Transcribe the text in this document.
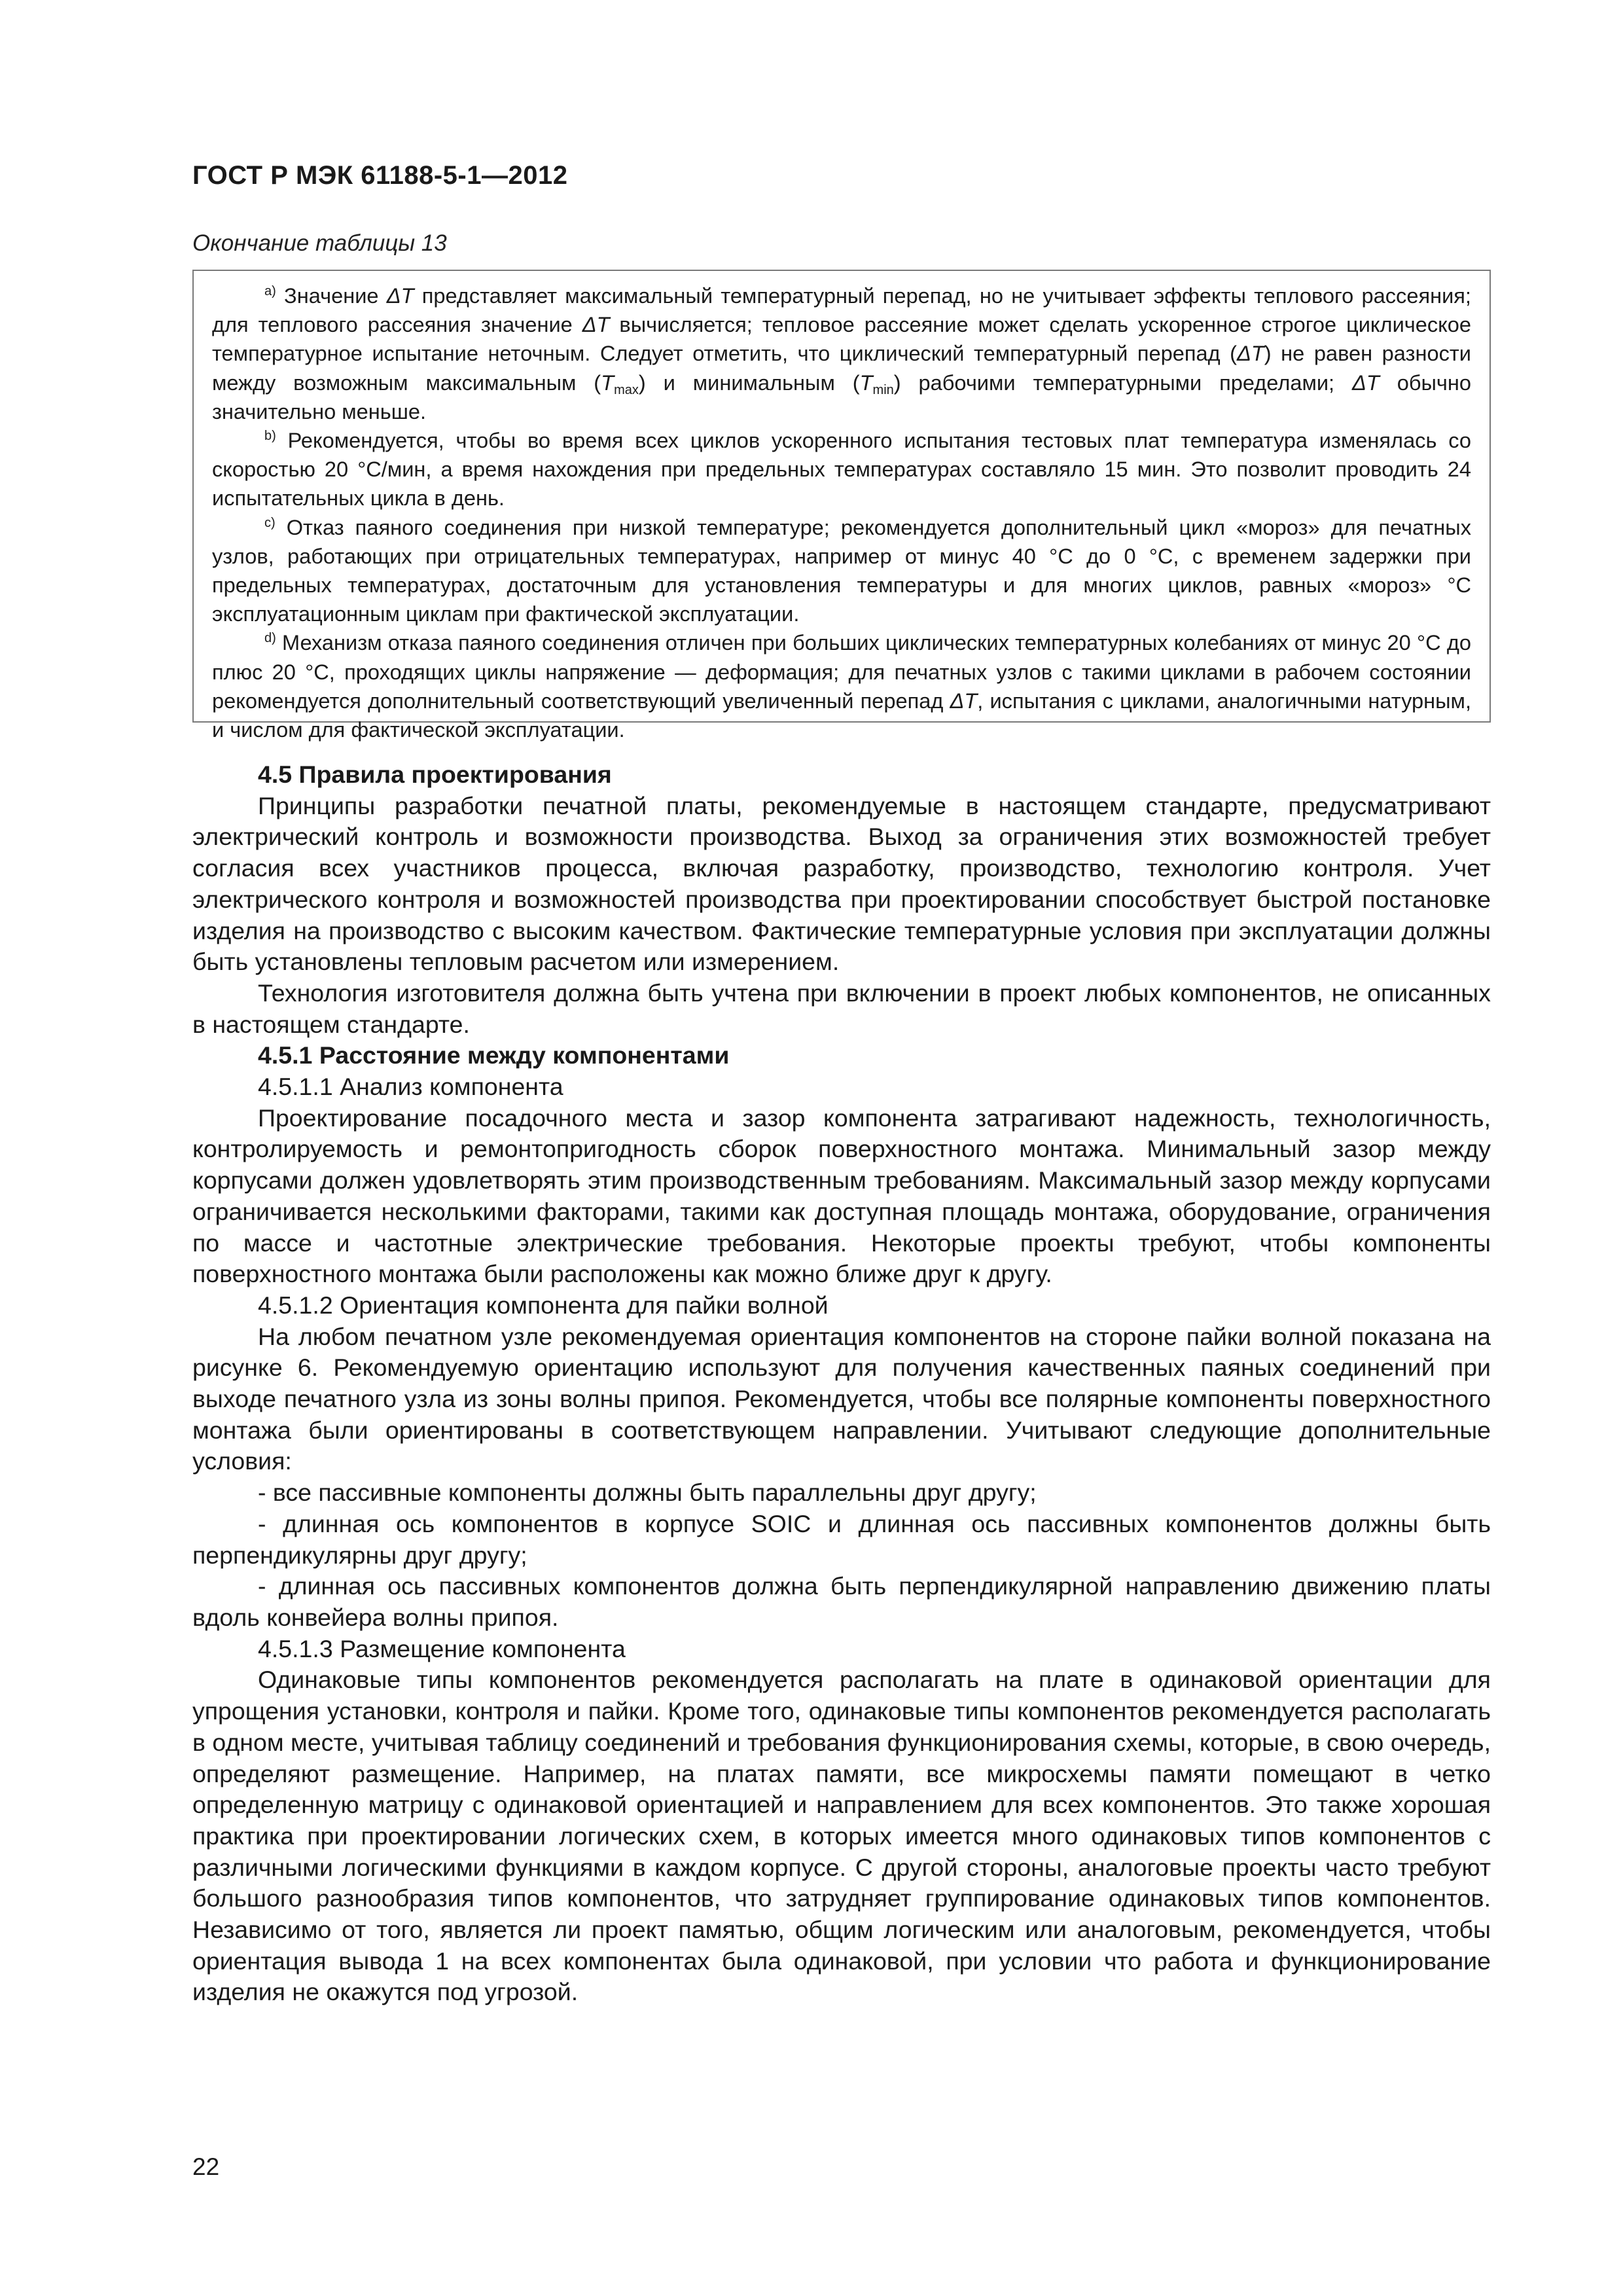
ГОСТ Р МЭК 61188-5-1—2012
Окончание таблицы 13

$^{a)}$ Значение ΔT представляет максимальный температурный перепад, но не учитывает эффекты теплового рассеяния; для теплового рассеяния значение ΔT вычисляется; тепловое рассеяние может сделать ускоренное строгое циклическое температурное испытание неточным. Следует отметить, что циклический температурный перепад (ΔT) не равен разности между возможным максимальным $(T_{max})$ и минимальным $(T_{min})$ рабочими температурными пределами; ΔT обычно значительно меньше.

$^{b)}$ Рекомендуется, чтобы во время всех циклов ускоренного испытания тестовых плат температура изменялась со скоростью 20 °С/мин, а время нахождения при предельных температурах составляло 15 мин. Это позволит проводить 24 испытательных цикла в день.

$^{c)}$ Отказ паяного соединения при низкой температуре; рекомендуется дополнительный цикл «мороз» для печатных узлов, работающих при отрицательных температурах, например от минус 40 °С до 0 °С, с временем задержки при предельных температурах, достаточным для установления температуры и для многих циклов, равных «мороз» °С эксплуатационным циклам при фактической эксплуатации.

$^{d)}$ Механизм отказа паяного соединения отличен при больших циклических температурных колебаниях от минус 20 °С до плюс 20 °С, проходящих циклы напряжение — деформация; для печатных узлов с такими циклами в рабочем состоянии рекомендуется дополнительный соответствующий увеличенный перепад ΔT, испытания с циклами, аналогичными натурным, и числом для фактической эксплуатации.

4.5 Правила проектирования

Принципы разработки печатной платы, рекомендуемые в настоящем стандарте, предусматривают электрический контроль и возможности производства. Выход за ограничения этих возможностей требует согласия всех участников процесса, включая разработку, производство, технологию контроля. Учет электрического контроля и возможностей производства при проектировании способствует быстрой постановке изделия на производство с высоким качеством. Фактические температурные условия при эксплуатации должны быть установлены тепловым расчетом или измерением.

Технология изготовителя должна быть учтена при включении в проект любых компонентов, не описанных в настоящем стандарте.

4.5.1 Расстояние между компонентами

4.5.1.1 Анализ компонента

Проектирование посадочного места и зазор компонента затрагивают надежность, технологичность, контролируемость и ремонтопригодность сборок поверхностного монтажа. Минимальный зазор между корпусами должен удовлетворять этим производственным требованиям. Максимальный зазор между корпусами ограничивается несколькими факторами, такими как доступная площадь монтажа, оборудование, ограничения по массе и частотные электрические требования. Некоторые проекты требуют, чтобы компоненты поверхностного монтажа были расположены как можно ближе друг к другу.

4.5.1.2 Ориентация компонента для пайки волной

На любом печатном узле рекомендуемая ориентация компонентов на стороне пайки волной показана на рисунке 6. Рекомендуемую ориентацию используют для получения качественных паяных соединений при выходе печатного узла из зоны волны припоя. Рекомендуется, чтобы все полярные компоненты поверхностного монтажа были ориентированы в соответствующем направлении. Учитывают следующие дополнительные условия:

- все пассивные компоненты должны быть параллельны друг другу;

- длинная ось компонентов в корпусе SOIC и длинная ось пассивных компонентов должны быть перпендикулярны друг другу;

- длинная ось пассивных компонентов должна быть перпендикулярной направлению движению платы вдоль конвейера волны припоя.

4.5.1.3 Размещение компонента

Одинаковые типы компонентов рекомендуется располагать на плате в одинаковой ориентации для упрощения установки, контроля и пайки. Кроме того, одинаковые типы компонентов рекомендуется располагать в одном месте, учитывая таблицу соединений и требования функционирования схемы, которые, в свою очередь, определяют размещение. Например, на платах памяти, все микросхемы памяти помещают в четко определенную матрицу с одинаковой ориентацией и направлением для всех компонентов. Это также хорошая практика при проектировании логических схем, в которых имеется много одинаковых типов компонентов с различными логическими функциями в каждом корпусе. С другой стороны, аналоговые проекты часто требуют большого разнообразия типов компонентов, что затрудняет группирование одинаковых типов компонентов. Независимо от того, является ли проект памятью, общим логическим или аналоговым, рекомендуется, чтобы ориентация вывода 1 на всех компонентах была одинаковой, при условии что работа и функционирование изделия не окажутся под угрозой.

22
